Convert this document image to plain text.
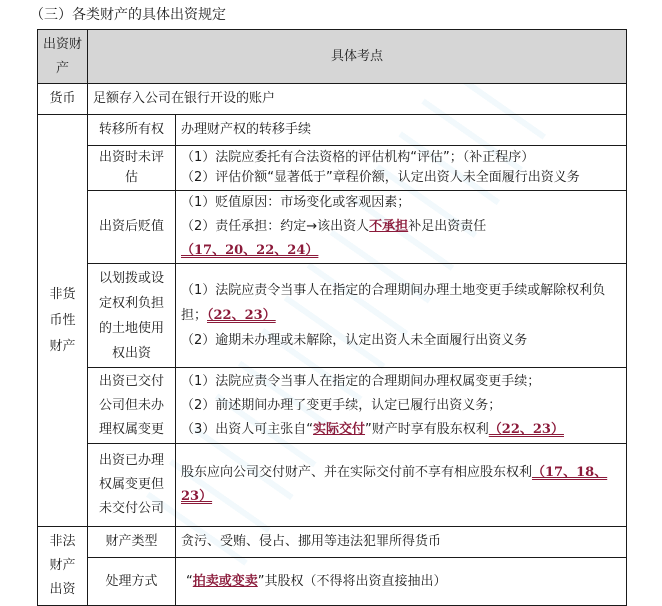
（三）各类财产的具体出资规定
出资财产	具体考点	
货币	足额存入公司在银行开设的账户	
非货币性财产	转移所有权	办理财产权的转移手续
	出资时未评估	（1）法院应委托有合法资格的评估机构“评估”；（补正程序）
（2）评估价额“显著低于”章程价额，认定出资人未全面履行出资义务

	出资后贬值	（1）贬值原因：市场变化或客观因素；
（2）责任承担：约定→该出资人不承担补足出资责任（17、20、22、24）

	以划拨或设定权利负担的土地使用权出资	（1）法院应责令当事人在指定的合理期间办理土地变更手续或解除权利负担；（22、23）
（2）逾期未办理或未解除，认定出资人未全面履行出资义务

	出资已交付公司但未办理权属变更	（1）法院应责令当事人在指定的合理期间办理权属变更手续；
（2）前述期间办理了变更手续，认定已履行出资义务；
（3）出资人可主张自“实际交付”财产时享有股东权利（22、23）

	出资已办理权属变更但未交付公司	股东应向公司交付财产、并在实际交付前不享有相应股东权利（17、18、23）
非法财产出资	财产类型	贪污、受贿、侵占、挪用等违法犯罪所得货币
	处理方式	“拍卖或变卖”其股权（不得将出资直接抽出）
